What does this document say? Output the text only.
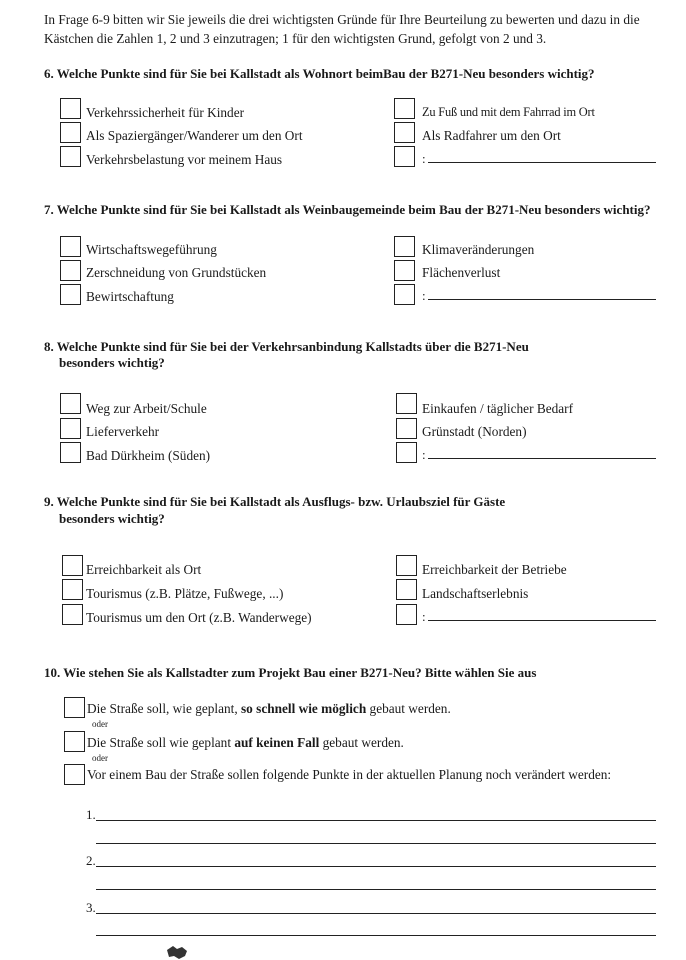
In Frage 6-9 bitten wir Sie jeweils die drei wichtigsten Gründe für Ihre Beurteilung zu bewerten und dazu in die Kästchen die Zahlen 1, 2 und 3 einzutragen; 1 für den wichtigsten Grund, gefolgt von 2 und 3.
6. Welche Punkte sind für Sie bei Kallstadt als Wohnort beimBau der B271-Neu besonders wichtig?
Verkehrssicherheit für Kinder
Als Spaziergänger/Wanderer um den Ort
Verkehrsbelastung vor meinem Haus
Zu Fuß und mit dem Fahrrad im Ort
Als Radfahrer um den Ort
:
7. Welche Punkte sind für Sie bei Kallstadt als Weinbaugemeinde beim Bau der B271-Neu besonders wichtig?
Wirtschaftswegeführung
Zerschneidung von Grundstücken
Bewirtschaftung
Klimaveränderungen
Flächenverlust
:
8. Welche Punkte sind für Sie bei der Verkehrsanbindung Kallstadts über die B271-Neu
besonders wichtig?
Weg zur Arbeit/Schule
Lieferverkehr
Bad Dürkheim (Süden)
Einkaufen / täglicher Bedarf
Grünstadt (Norden)
:
9. Welche Punkte sind für Sie bei Kallstadt als Ausflugs- bzw. Urlaubsziel für Gäste
besonders wichtig?
Erreichbarkeit als Ort
Tourismus (z.B. Plätze, Fußwege, ...)
Tourismus um den Ort (z.B. Wanderwege)
Erreichbarkeit der Betriebe
Landschaftserlebnis
:
10. Wie stehen Sie als Kallstadter zum Projekt Bau einer B271-Neu? Bitte wählen Sie aus
Die Straße soll, wie geplant, so schnell wie möglich gebaut werden.
oder
Die Straße soll wie geplant auf keinen Fall gebaut werden.
oder
Vor einem Bau der Straße sollen folgende Punkte in der aktuellen Planung noch verändert werden:
1.
2.
3.
